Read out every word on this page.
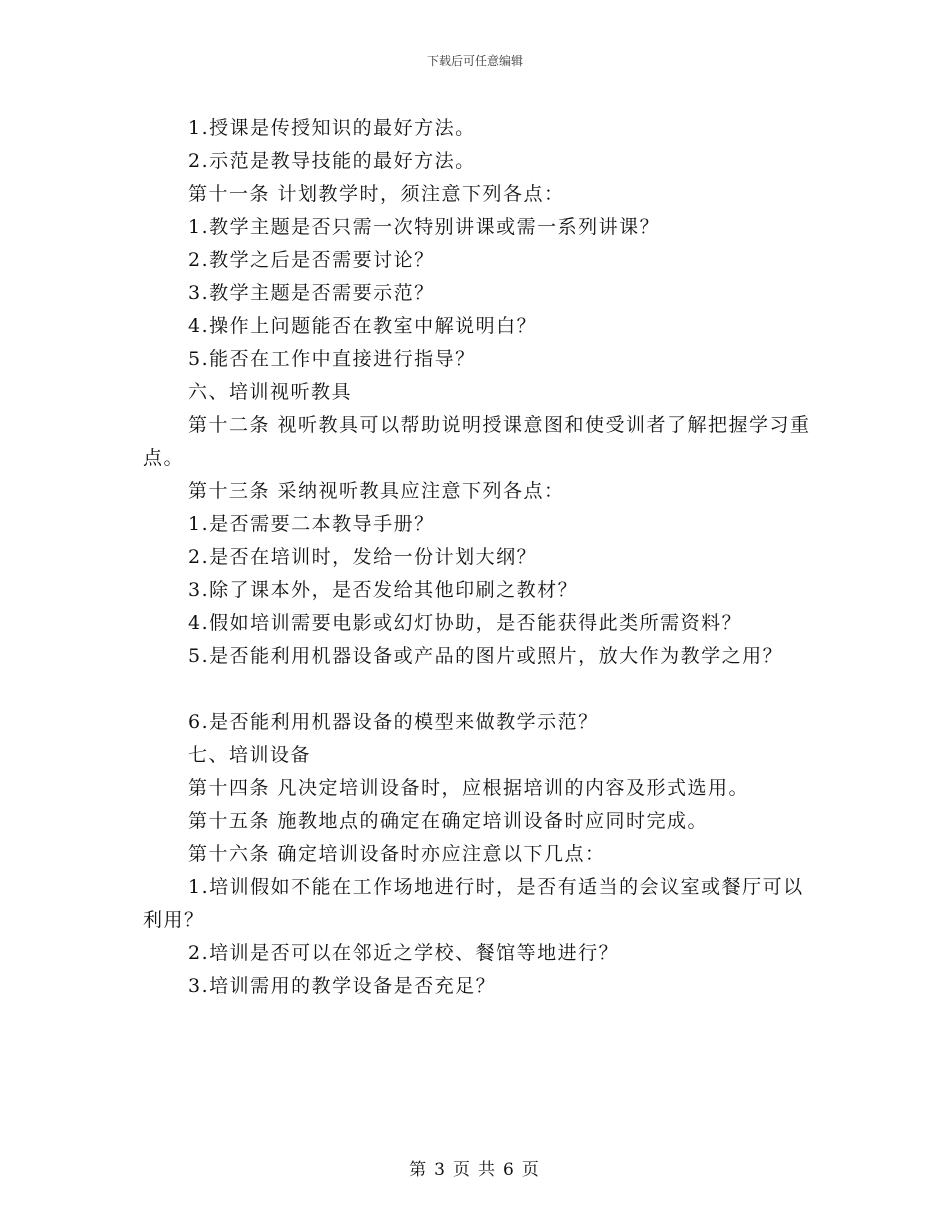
下载后可任意编辑

1.授课是传授知识的最好方法。

2.示范是教导技能的最好方法。

第十一条 计划教学时，须注意下列各点：

1.教学主题是否只需一次特别讲课或需一系列讲课？

2.教学之后是否需要讨论？

3.教学主题是否需要示范？

4.操作上问题能否在教室中解说明白？

5.能否在工作中直接进行指导？

六、培训视听教具

第十二条 视听教具可以帮助说明授课意图和使受训者了解把握学习重点。

第十三条 采纳视听教具应注意下列各点：

1.是否需要二本教导手册？

2.是否在培训时，发给一份计划大纲？

3.除了课本外，是否发给其他印刷之教材？

4.假如培训需要电影或幻灯协助，是否能获得此类所需资料？

5.是否能利用机器设备或产品的图片或照片，放大作为教学之用？

6.是否能利用机器设备的模型来做教学示范？

七、培训设备

第十四条 凡决定培训设备时，应根据培训的内容及形式选用。

第十五条 施教地点的确定在确定培训设备时应同时完成。

第十六条 确定培训设备时亦应注意以下几点：

1.培训假如不能在工作场地进行时，是否有适当的会议室或餐厅可以利用？

2.培训是否可以在邻近之学校、餐馆等地进行？

3.培训需用的教学设备是否充足？

第 3 页 共 6 页
